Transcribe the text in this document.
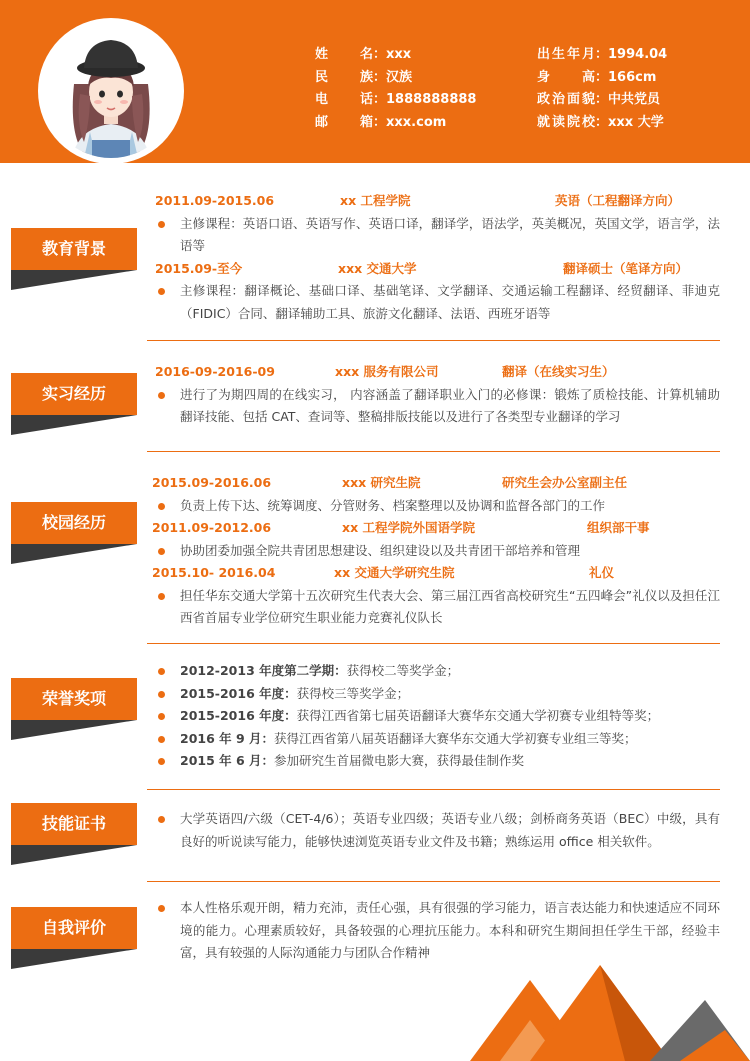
姓名：xxx
民族：汉族
电话：1888888888
邮箱：xxx.com
出生年月：1994.04
身高：166cm
政治面貌：中共党员
就读院校：xxx 大学
教育背景
2011.09-2015.06	xx 工程学院	英语（工程翻译方向）
主修课程：英语口语、英语写作、英语口译，翻译学，语法学，英美概况，英国文学，语言学，法语等
2015.09-至今	xxx 交通大学	翻译硕士（笔译方向）
主修课程：翻译概论、基础口译、基础笔译、文学翻译、交通运输工程翻译、经贸翻译、菲迪克（FIDIC）合同、翻译辅助工具、旅游文化翻译、法语、西班牙语等
实习经历
2016-09-2016-09	xxx 服务有限公司	翻译（在线实习生）
进行了为期四周的在线实习， 内容涵盖了翻译职业入门的必修课：锻炼了质检技能、计算机辅助翻译技能、包括 CAT、查词等、整稿排版技能以及进行了各类型专业翻译的学习
校园经历
2015.09-2016.06	xxx 研究生院	研究生会办公室副主任
负责上传下达、统筹调度、分管财务、档案整理以及协调和监督各部门的工作
2011.09-2012.06	xx 工程学院外国语学院	组织部干事
协助团委加强全院共青团思想建设、组织建设以及共青团干部培养和管理
2015.10- 2016.04	xx 交通大学研究生院	礼仪
担任华东交通大学第十五次研究生代表大会、第三届江西省高校研究生“五四峰会”礼仪以及担任江西省首届专业学位研究生职业能力竞赛礼仪队长
荣誉奖项
2012-2013 年度第二学期：获得校二等奖学金；
2015-2016 年度：获得校三等奖学金；
2015-2016 年度：获得江西省第七届英语翻译大赛华东交通大学初赛专业组特等奖；
2016 年 9 月：获得江西省第八届英语翻译大赛华东交通大学初赛专业组三等奖；
2015 年 6 月：参加研究生首届微电影大赛，获得最佳制作奖
技能证书	大学英语四/六级（CET-4/6）；英语专业四级；英语专业八级；剑桥商务英语（BEC）中级，具有良好的听说读写能力，能够快速浏览英语专业文件及书籍；熟练运用 office 相关软件。
自我评价
本人性格乐观开朗，精力充沛，责任心强，具有很强的学习能力，语言表达能力和快速适应不同环境的能力。心理素质较好，具备较强的心理抗压能力。本科和研究生期间担任学生干部，经验丰富，具有较强的人际沟通能力与团队合作精神
